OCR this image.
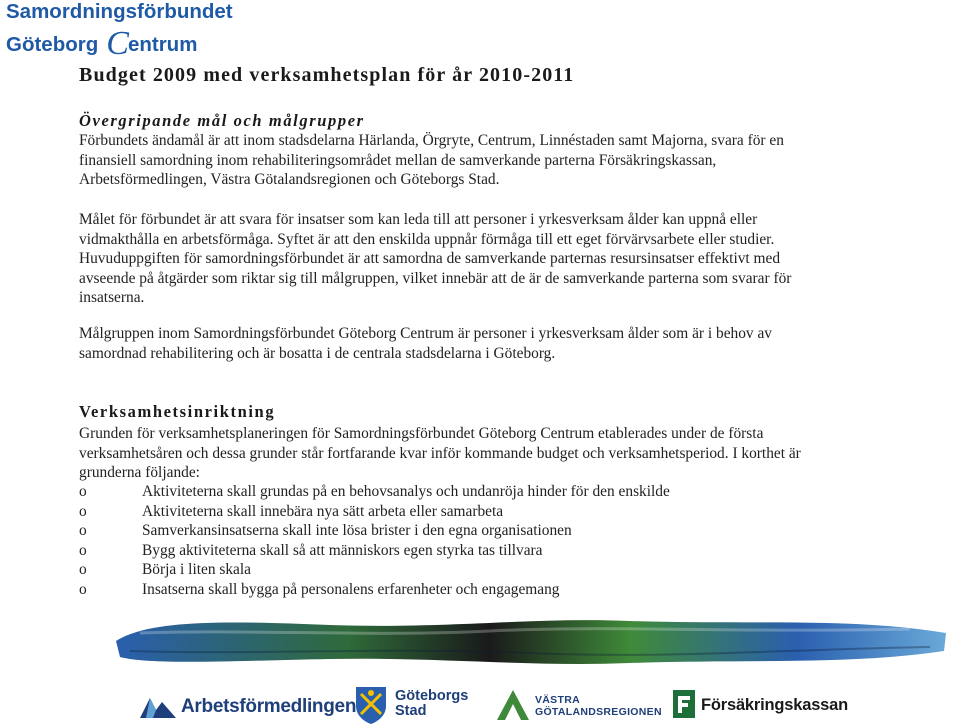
Samordningsförbundet
Göteborg Centrum
Budget 2009 med verksamhetsplan för år 2010-2011
Övergripande mål och målgrupper
Förbundets ändamål är att inom stadsdelarna Härlanda, Örgryte, Centrum, Linnéstaden samt Majorna, svara för en
finansiell samordning inom rehabiliteringsområdet mellan de samverkande parterna Försäkringskassan,
Arbetsförmedlingen, Västra Götalandsregionen och Göteborgs Stad.
Målet för förbundet är att svara för insatser som kan leda till att personer i yrkesverksam ålder kan uppnå eller
vidmakthålla en arbetsförmåga. Syftet är att den enskilda uppnår förmåga till ett eget förvärvsarbete eller studier.
Huvuduppgiften för samordningsförbundet är att samordna de samverkande parternas resursinsatser effektivt med
avseende på åtgärder som riktar sig till målgruppen, vilket innebär att de är de samverkande parterna som svarar för
insatserna.
Målgruppen inom Samordningsförbundet Göteborg Centrum är personer i yrkesverksam ålder som är i behov av
samordnad rehabilitering och är bosatta i de centrala stadsdelarna i Göteborg.
Verksamhetsinriktning
Grunden för verksamhetsplaneringen för Samordningsförbundet Göteborg Centrum etablerades under de första
verksamhetsåren och dessa grunder står fortfarande kvar inför kommande budget och verksamhetsperiod. I korthet är
grunderna följande:
o	Aktiviteterna skall grundas på en behovsanalys och undanröja hinder för den enskilde
o	Aktiviteterna skall innebära nya sätt arbeta eller samarbeta
o	Samverkansinsatserna skall inte lösa brister i den egna organisationen
o	Bygg aktiviteterna skall så att människors egen styrka tas tillvara
o	Börja i liten skala
o	Insatserna skall bygga på personalens erfarenheter och engagemang
Arbetsförmedlingen	Göteborgs
Stad
VÄSTRA
GÖTALANDSREGIONEN Försäkringskassan
